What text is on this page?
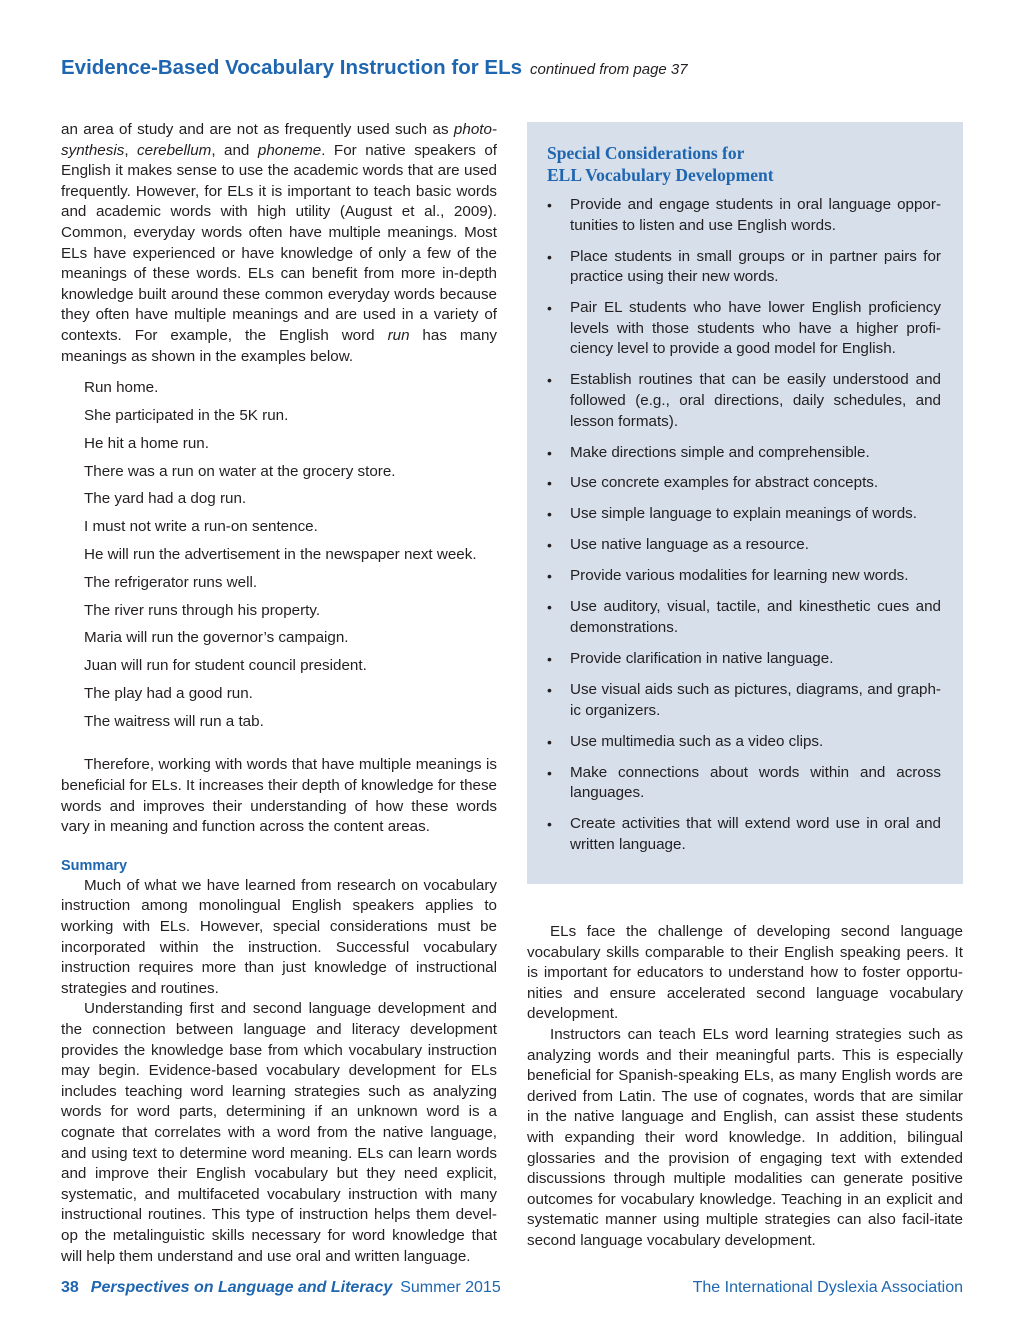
Evidence-Based Vocabulary Instruction for ELs continued from page 37

an area of study and are not as frequently used such as photo-synthesis, cerebellum, and phoneme. For native speakers of English it makes sense to use the academic words that are used frequently. However, for ELs it is important to teach basic words and academic words with high utility (August et al., 2009). Common, everyday words often have multiple meanings. Most ELs have experienced or have knowledge of only a few of the meanings of these words. ELs can benefit from more in-depth knowledge built around these common everyday words because they often have multiple meanings and are used in a variety of contexts. For example, the English word run has many meanings as shown in the examples below.

Run home.
She participated in the 5K run.
He hit a home run.
There was a run on water at the grocery store.
The yard had a dog run.
I must not write a run-on sentence.
He will run the advertisement in the newspaper next week.
The refrigerator runs well.
The river runs through his property.
Maria will run the governor’s campaign.
Juan will run for student council president.
The play had a good run.
The waitress will run a tab.

Therefore, working with words that have multiple meanings is beneficial for ELs. It increases their depth of knowledge for these words and improves their understanding of how these words vary in meaning and function across the content areas.

Summary

Much of what we have learned from research on vocabulary instruction among monolingual English speakers applies to working with ELs. However, special considerations must be incorporated within the instruction. Successful vocabulary instruction requires more than just knowledge of instructional strategies and routines.

Understanding first and second language development and the connection between language and literacy development provides the knowledge base from which vocabulary instruction may begin. Evidence-based vocabulary development for ELs includes teaching word learning strategies such as analyzing words for word parts, determining if an unknown word is a cognate that correlates with a word from the native language, and using text to determine word meaning. ELs can learn words and improve their English vocabulary but they need explicit, systematic, and multifaceted vocabulary instruction with many instructional routines. This type of instruction helps them devel-op the metalinguistic skills necessary for word knowledge that will help them understand and use oral and written language.

Special Considerations for
ELL Vocabulary Development
• Provide and engage students in oral language oppor-tunities to listen and use English words.
• Place students in small groups or in partner pairs for practice using their new words.
• Pair EL students who have lower English proficiency levels with those students who have a higher profi-ciency level to provide a good model for English.
• Establish routines that can be easily understood and followed (e.g., oral directions, daily schedules, and lesson formats).
• Make directions simple and comprehensible.
• Use concrete examples for abstract concepts.
• Use simple language to explain meanings of words.
• Use native language as a resource.
• Provide various modalities for learning new words.
• Use auditory, visual, tactile, and kinesthetic cues and demonstrations.
• Provide clarification in native language.
• Use visual aids such as pictures, diagrams, and graph-ic organizers.
• Use multimedia such as a video clips.
• Make connections about words within and across languages.
• Create activities that will extend word use in oral and written language.

ELs face the challenge of developing second language vocabulary skills comparable to their English speaking peers. It is important for educators to understand how to foster opportu-nities and ensure accelerated second language vocabulary development.

Instructors can teach ELs word learning strategies such as analyzing words and their meaningful parts. This is especially beneficial for Spanish-speaking ELs, as many English words are derived from Latin. The use of cognates, words that are similar in the native language and English, can assist these students with expanding their word knowledge. In addition, bilingual glossaries and the provision of engaging text with extended discussions through multiple modalities can generate positive outcomes for vocabulary knowledge. Teaching in an explicit and systematic manner using multiple strategies can also facil-itate second language vocabulary development.

38 Perspectives on Language and Literacy Summer 2015	The International Dyslexia Association
